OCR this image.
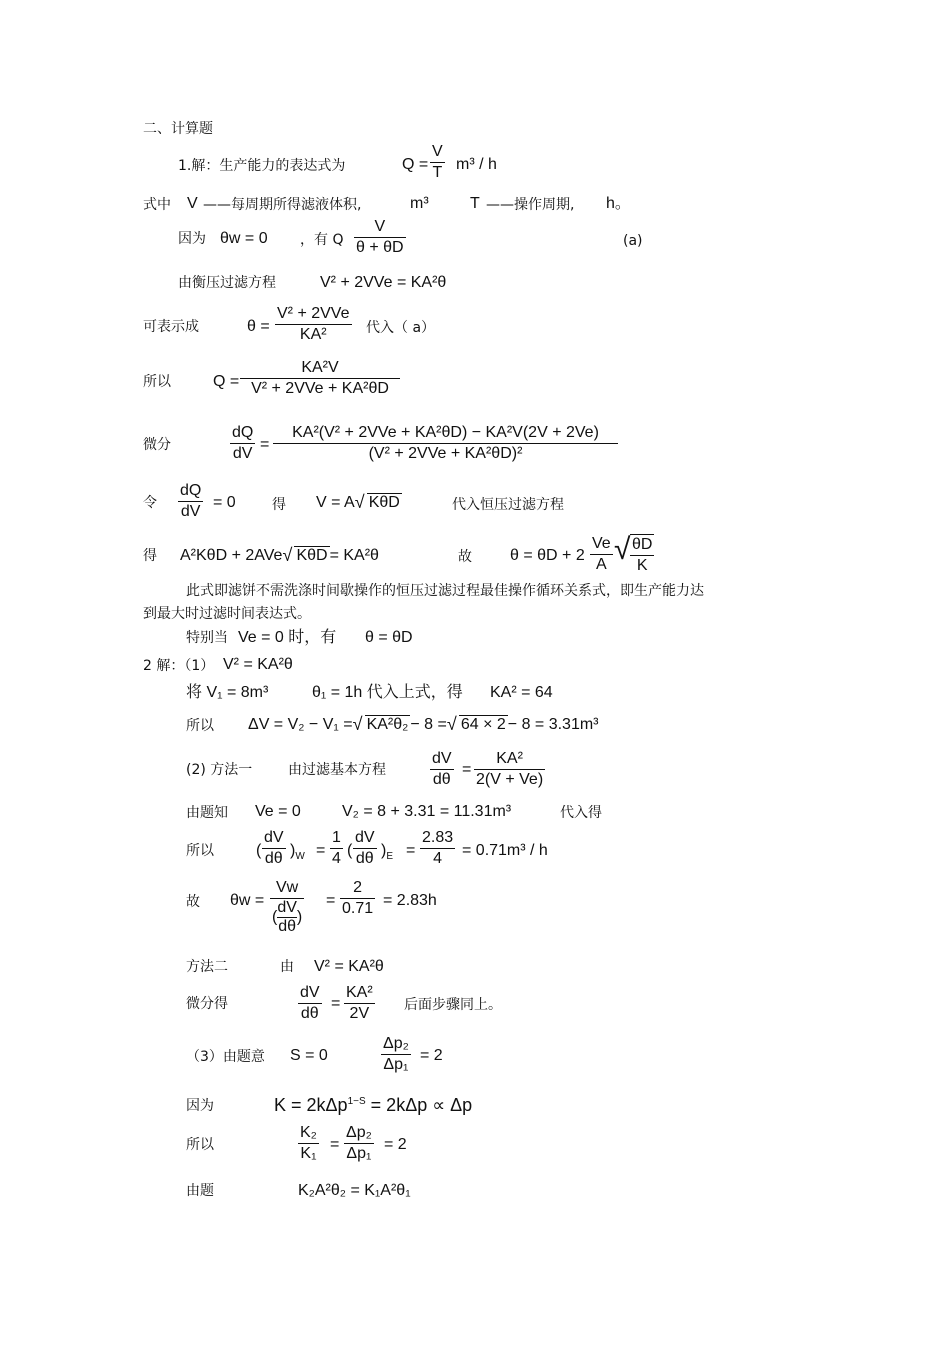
二、计算题
1.解：生产能力的表达式为	$Q = \frac{V}{T} m^3 / h$
式中 V ——每周期所得滤液体积,	m³	T ——操作周期, h。
因为 θw = 0 ，有 Q $\frac{V}{\theta + \theta D}$	(a)
由衡压过滤方程	V² + 2VVe = KA²θ
可表示成	θ =
V² + 2VVe
KA²	代入（ a）
所以	Q =
KA²V
V² + 2VVe + KA²θD
微分	$\frac{dQ}{dV}$ =
KA²(V² + 2VVe + KA²θD) − KA²V(2V + 2Ve)
(V² + 2VVe + KA²θD)²
令 $\frac{dQ}{dV} = 0$	得 V = A √ KθD	代入恒压过滤方程
得 A²KθD + 2AVe √ KθD = KA²θ	故 $\theta = \theta D + 2 \frac{Ve}{A}$ √ $\frac{\theta D}{K}$
此式即滤饼不需洗涤时间歇操作的恒压过滤过程最佳操作循环关系式，即生产能力达
到最大时过滤时间表达式。
特别当 Ve = 0 时，有 θ = θD
2 解：（1） V² = KA²θ
将 V₁ = 8m³	θ₁ = 1h 代入上式，得 KA² = 64
所以 ΔV = V₂ − V₁ = √ KA²θ₂ − 8 = √ 64 × 2 − 8 = 3.31m³
(2) 方法一	由过滤基本方程	$\frac{dV}{d\theta} = \frac{\text{KA²}}{2(V + Ve)}$
由题知 Ve = 0	V₂ = 8 + 3.31 = 11.31m³	代入得
所以	( $\frac{dV}{d\theta} )_W = \frac{1}{4}$ ( $\frac{dV}{d\theta} )_E = \frac{2.83}{4} = 0.71m^3 / h$
故 θw =
Vw
( $\frac{dV}{d\theta}$ )
= $\frac{2}{0.71} = 2.83h$
方法二	由 V² = KA²θ
微分得	$\frac{dV}{d\theta} = \frac{\text{KA²}}{2V}$ 后面步骤同上。
（3）由题意 S = 0	$\frac{\text{Δp₂}}{\text{Δp₁}} = 2$
因为	K = 2kΔp$^{1-S}$ = 2kΔp ∝ Δp
所以	$\frac{\text{K₂}}{\text{K₁}} = \frac{\text{Δp₂}}{\text{Δp₁}} = 2$
由题	K₂A²θ₂ = K₁A²θ₁
